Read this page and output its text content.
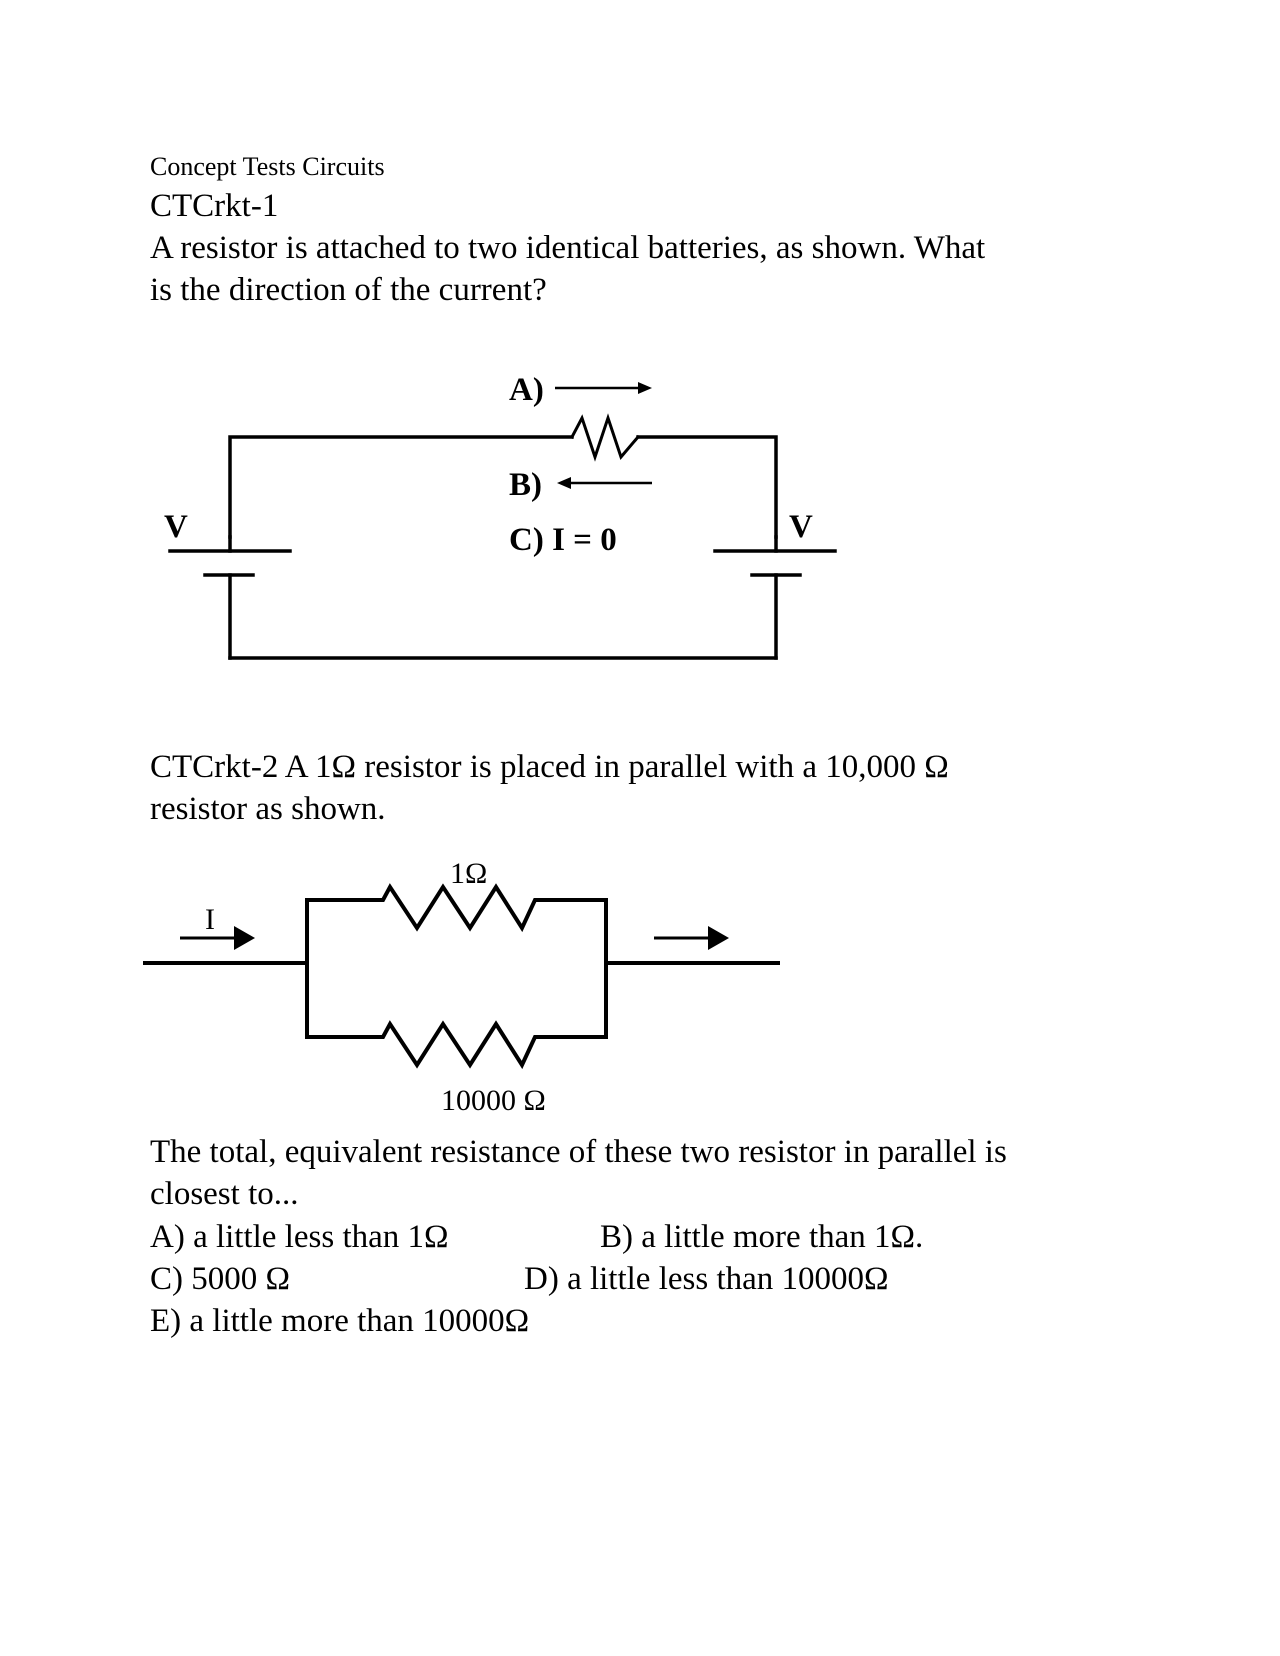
Concept Tests Circuits
CTCrkt-1
A resistor is attached to two identical batteries, as shown. What
is the direction of the current?
A)
B)
C) I = 0
V	V
CTCrkt-2 A 1Ω resistor is placed in parallel with a 10,000 Ω
resistor as shown.
I
1Ω
10000 Ω
The total, equivalent resistance of these two resistor in parallel is
closest to...
A) a little less than 1Ω	B) a little more than 1Ω.
C) 5000 Ω	D) a little less than 10000Ω
E) a little more than 10000Ω
